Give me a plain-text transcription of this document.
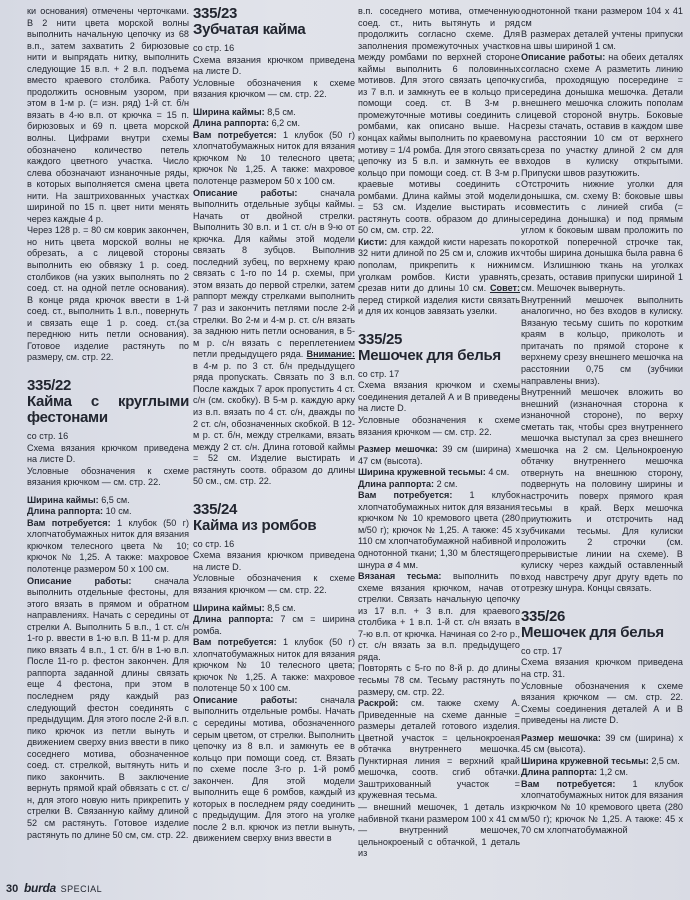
ки основания) отмечены черточками. В 2 нити цвета морской волны выполнить начальную цепочку из 68 в.п., затем захватить 2 бирюзовые нити и выпрядать нитку, выполнить следующие 15 в.п. + 2 в.п. подъема вместо краевого столбика. Работу продолжить основным узором, при этом в 1-м р. (= изн. ряд) 1-й ст. б/н вязать в 4-ю в.п. от крючка = 15 п. бирюзовых и 69 п. цвета морской волны. Цифрами внутри схемы обозначено количество петель каждого цветного участка. Число слева обозначают изнаночные ряды, в которых выполняется смена цвета нити. На заштрихованных участках шириной по 15 п. цвет нити менять через каждые 4 р.

Через 128 р. = 80 см коврик закончен, но нить цвета морской волны не обрезать, а с лицевой стороны выполнить ею обвязку 1 р. соед. столбиков (на узких выполнять по 2 соед. ст. на одной петле основания). В конце ряда крючок ввести в 1-й соед. ст., выполнить 1 в.п., повернуть и связать еще 1 р. соед. ст.(за переднюю нить петли основания). Готовое изделие растянуть по размеру, см. стр. 22.

335/22

Кайма с круглыми фестонами

со стр. 16

Схема вязания крючком приведена на листе D.

Условные обозначения к схеме вязания крючком — см. стр. 22.

Ширина каймы: 6,5 см.

Длина раппорта: 10 см.

Вам потребуется: 1 клубок (50 г) хлопчатобумажных ниток для вязания крючком телесного цвета № 10; крючок № 1,25. А также: махровое полотенце размером 50 х 100 см.

Описание работы: сначала выполнить отдельные фестоны, для этого вязать в прямом и обратном направлениях. Начать с середины от стрелки А. Выполнить 5 в.п., 1 ст. с/н 1-го р. ввести в 1-ю в.п. В 11-м р. для пико вязать 4 в.п., 1 ст. б/н в 1-ю в.п. После 11-го р. фестон закончен. Для раппорта заданной длины связать еще 4 фестона, при этом в последнем ряду каждый раз следующий фестон соединять с предыдущим. Для этого после 2-й в.п. пико крючок из петли вынуть и движением сверху вниз ввести в пико соседнего мотива, обозначенное соед. ст. стрелкой, вытянуть нить и пико закончить. В заключение вернуть прямой край обвязать с ст. с/н, для этого новую нить прикрепить у стрелки В. Связанную кайму длиной 52 см растянуть. Готовое изделие растянуть по длине 50 см, см. стр. 22.

335/23

Зубчатая кайма

со стр. 16

Схема вязания крючком приведена на листе D.

Условные обозначения к схеме вязания крючком — см. стр. 22.

Ширина каймы: 8,5 см.

Длина раппорта: 6,2 см.

Вам потребуется: 1 клубок (50 г) хлопчатобумажных ниток для вязания крючком № 10 телесного цвета; крючок № 1,25. А также: махровое полотенце размером 50 х 100 см.

Описание работы: сначала выполнить отдельные зубцы каймы. Начать от двойной стрелки. Выполнить 30 в.п. и 1 ст. с/н в 9-ю от крючка. Для каймы этой модели связать 8 зубцов. Выполнив последний зубец, по верхнему краю связать с 1-го по 14 р. схемы, при этом вязать до первой стрелки, затем раппорт между стрелками выполнить 7 раз и закончить петлями после 2-й стрелки. Во 2-м и 4-м р. ст. с/н вязать за заднюю нить петли основания, в 5-м р. с/н вязать с переплетением петли предыдущего ряда. Внимание: в 4-м р. по 3 ст. б/н предыдущего ряда пропускать. Связать по 3 в.п. После каждых 7 арок пропустить 4 ст. с/н (см. скобку). В 5-м р. каждую арку из в.п. вязать по 4 ст. с/н, дважды по 2 ст. с/н, обозначенных скобкой. В 12-м р. ст. б/н, между стрелками, вязать между 2 ст. с/н. Длина готовой каймы = 52 см. Изделие выстирать и растянуть соотв. образом до длины 50 см., см. стр. 22.

335/24

Кайма из ромбов

со стр. 16

Схема вязания крючком приведена на листе D.

Условные обозначения к схеме вязания крючком — см. стр. 22.

Ширина каймы: 8,5 см.

Длина раппорта: 7 см = ширина ромба.

Вам потребуется: 1 клубок (50 г) хлопчатобумажных ниток для вязания крючком № 10 телесного цвета; крючок № 1,25. А также: махровое полотенце 50 х 100 см.

Описание работы: сначала выполнить отдельные ромбы. Начать с середины мотива, обозначенного серым цветом, от стрелки. Выполнить цепочку из 8 в.п. и замкнуть ее в кольцо при помощи соед. ст. Вязать по схеме после 3-го р. 1-й ромб закончен. Для этой модели выполнить еще 6 ромбов, каждый из которых в последнем ряду соединить с предыдущим. Для этого на уголке после 2 в.п. крючок из петли вынуть, движением сверху вниз ввести в

в.п. соседнего мотива, отмеченную соед. ст., нить вытянуть и ряд продолжить согласно схеме. Для заполнения промежуточных участков между ромбами по верхней стороне каймы выполнить 6 половинных мотивов. Для этого связать цепочку из 7 в.п. и замкнуть ее в кольцо при помощи соед. ст. В 3-м р. промежуточные мотивы соединить с ромбами, как описано выше. На концах каймы выполнить по краевому мотиву = 1/4 ромба. Для этого связать цепочку из 5 в.п. и замкнуть ее в кольцо при помощи соед. ст. В 3-м р. краевые мотивы соединить с ромбами. Длина каймы этой модели = 53 см. Изделие выстирать и растянуть соотв. образом до длины 50 см, см. стр. 22.

Кисти: для каждой кисти нарезать по 32 нити длиной по 25 см и, сложив их пополам, прикрепить к нижним уголкам ромбов. Кисти уравнять, срезав нити до длины 10 см. Совет: перед стиркой изделия кисти связать и для их концов завязать узелки.

335/25

Мешочек для белья

со стр. 17

Схема вязания крючком и схемы соединения деталей А и В приведены на листе D.

Условные обозначения к схеме вязания крючком — см. стр. 22.

Размер мешочка: 39 см (ширина) х 47 см (высота).

Ширина кружевной тесьмы: 4 см.

Длина раппорта: 2 см.

Вам потребуется: 1 клубок хлопчатобумажных ниток для вязания крючком № 10 кремового цвета (280 м/50 г); крючок № 1,25. А также: 45 х 110 см хлопчатобумажной набивной и однотонной ткани; 1,30 м блестящего шнура ø 4 мм.

Вязаная тесьма: выполнить по схеме вязания крючком, начав от стрелки. Связать начальную цепочку из 17 в.п. + 3 в.п. для краевого столбика + 1 в.п. 1-й ст. с/н вязать в 7-ю в.п. от крючка. Начиная со 2-го р., ст. с/н вязать за в.п. предыдущего ряда.

Повторять с 5-го по 8-й р. до длины тесьмы 78 см. Тесьму растянуть по размеру, см. стр. 22.

Раскрой: см. также схему А. Приведенные на схеме данные = размеры деталей готового изделия. Цветной участок = цельнокроеная обтачка внутреннего мешочка. Пунктирная линия = верхний край мешочка, соотв. сгиб обтачки. Заштрихованный участок = кружевная тесьма.

— внешний мешочек, 1 деталь из набивной ткани размером 100 х 41 см

— внутренний мешочек, цельнокроеный с обтачкой, 1 деталь из

однотонной ткани размером 104 х 41 см

В размерах деталей учтены припуски на швы шириной 1 см.

Описание работы: на обеих деталях согласно схеме А разметить линию сгиба, проходящую посередине = середина донышка мешочка. Детали внешнего мешочка сложить пополам лицевой стороной внутрь. Боковые срезы стачать, оставив в каждом шве на расстоянии 10 см от верхнего среза по участку длиной 2 см для входов в кулиску открытыми. Припуски швов разутюжить.

Отстрочить нижние уголки для донышка, см. схему В: боковые швы совместить с линией сгиба (= середина донышка) и под прямым углом к боковым швам проложить по короткой поперечной строчке так, чтобы ширина донышка была равна 6 см. Излишнюю ткань на уголках срезать, оставив припуски шириной 1 см. Мешочек вывернуть.

Внутренний мешочек выполнить аналогично, но без входов в кулиску. Вязаную тесьму сшить по коротким краям в кольцо, приколоть и притачать по прямой стороне к верхнему срезу внешнего мешочка на расстоянии 0,75 см (зубчики направлены вниз).

Внутренний мешочек вложить во внешний (изнаночная сторона к изнаночной стороне), по верху сметать так, чтобы срез внутреннего мешочка выступал за срез внешнего мешочка на 2 см. Цельнокроеную обтачку внутреннего мешочка отвернуть на внешнюю сторону, подвернуть на половину ширины и настрочить поверх прямого края тесьмы в край. Верх мешочка приутюжить и отстрочить над зубчиками тесьмы. Для кулиски проложить 2 строчки (см. прерывистые линии на схеме). В кулиску через каждый оставленный вход навстречу друг другу вдеть по отрезку шнура. Концы связать.

335/26

Мешочек для белья

со стр. 17

Схема вязания крючком приведена на стр. 31.

Условные обозначения к схеме вязания крючком — см. стр. 22. Схемы соединения деталей А и В приведены на листе D.

Размер мешочка: 39 см (ширина) х 45 см (высота).

Ширина кружевной тесьмы: 2,5 см.

Длина раппорта: 1,2 см.

Вам потребуется: 1 клубок хлопчатобумажных ниток для вязания крючком № 10 кремового цвета (280 м/50 г); крючок № 1,25. А также: 45 х 70 см хлопчатобумажной

30 burda SPECIAL
